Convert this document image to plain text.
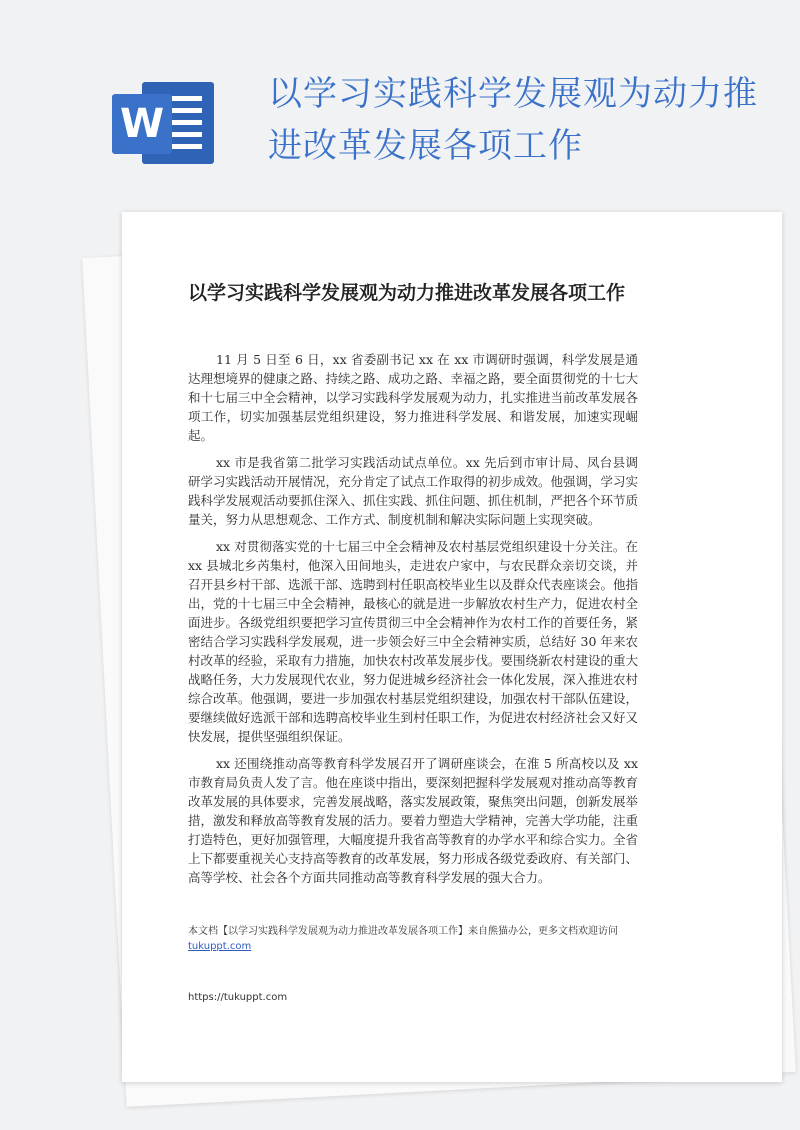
W
以学习实践科学发展观为动力推进改革发展各项工作
以学习实践科学发展观为动力推进改革发展各项工作

11 月 5 日至 6 日，xx 省委副书记 xx 在 xx 市调研时强调，科学发展是通达理想境界的健康之路、持续之路、成功之路、幸福之路，要全面贯彻党的十七大和十七届三中全会精神，以学习实践科学发展观为动力，扎实推进当前改革发展各项工作，切实加强基层党组织建设，努力推进科学发展、和谐发展，加速实现崛起。

xx 市是我省第二批学习实践活动试点单位。xx 先后到市审计局、凤台县调研学习实践活动开展情况，充分肯定了试点工作取得的初步成效。他强调，学习实践科学发展观活动要抓住深入、抓住实践、抓住问题、抓住机制，严把各个环节质量关，努力从思想观念、工作方式、制度机制和解决实际问题上实现突破。

xx 对贯彻落实党的十七届三中全会精神及农村基层党组织建设十分关注。在 xx 县城北乡芮集村，他深入田间地头，走进农户家中，与农民群众亲切交谈，并召开县乡村干部、选派干部、选聘到村任职高校毕业生以及群众代表座谈会。他指出，党的十七届三中全会精神，最核心的就是进一步解放农村生产力，促进农村全面进步。各级党组织要把学习宣传贯彻三中全会精神作为农村工作的首要任务，紧密结合学习实践科学发展观，进一步领会好三中全会精神实质，总结好 30 年来农村改革的经验，采取有力措施，加快农村改革发展步伐。要围绕新农村建设的重大战略任务，大力发展现代农业，努力促进城乡经济社会一体化发展，深入推进农村综合改革。他强调，要进一步加强农村基层党组织建设，加强农村干部队伍建设，要继续做好选派干部和选聘高校毕业生到村任职工作，为促进农村经济社会又好又快发展，提供坚强组织保证。

xx 还围绕推动高等教育科学发展召开了调研座谈会，在淮 5 所高校以及 xx 市教育局负责人发了言。他在座谈中指出，要深刻把握科学发展观对推动高等教育改革发展的具体要求，完善发展战略，落实发展政策，聚焦突出问题，创新发展举措，激发和释放高等教育发展的活力。要着力塑造大学精神，完善大学功能，注重打造特色，更好加强管理，大幅度提升我省高等教育的办学水平和综合实力。全省上下都要重视关心支持高等教育的改革发展，努力形成各级党委政府、有关部门、高等学校、社会各个方面共同推动高等教育科学发展的强大合力。

本文档【以学习实践科学发展观为动力推进改革发展各项工作】来自熊猫办公，更多文档欢迎访问
tukuppt.com
https://tukuppt.com
